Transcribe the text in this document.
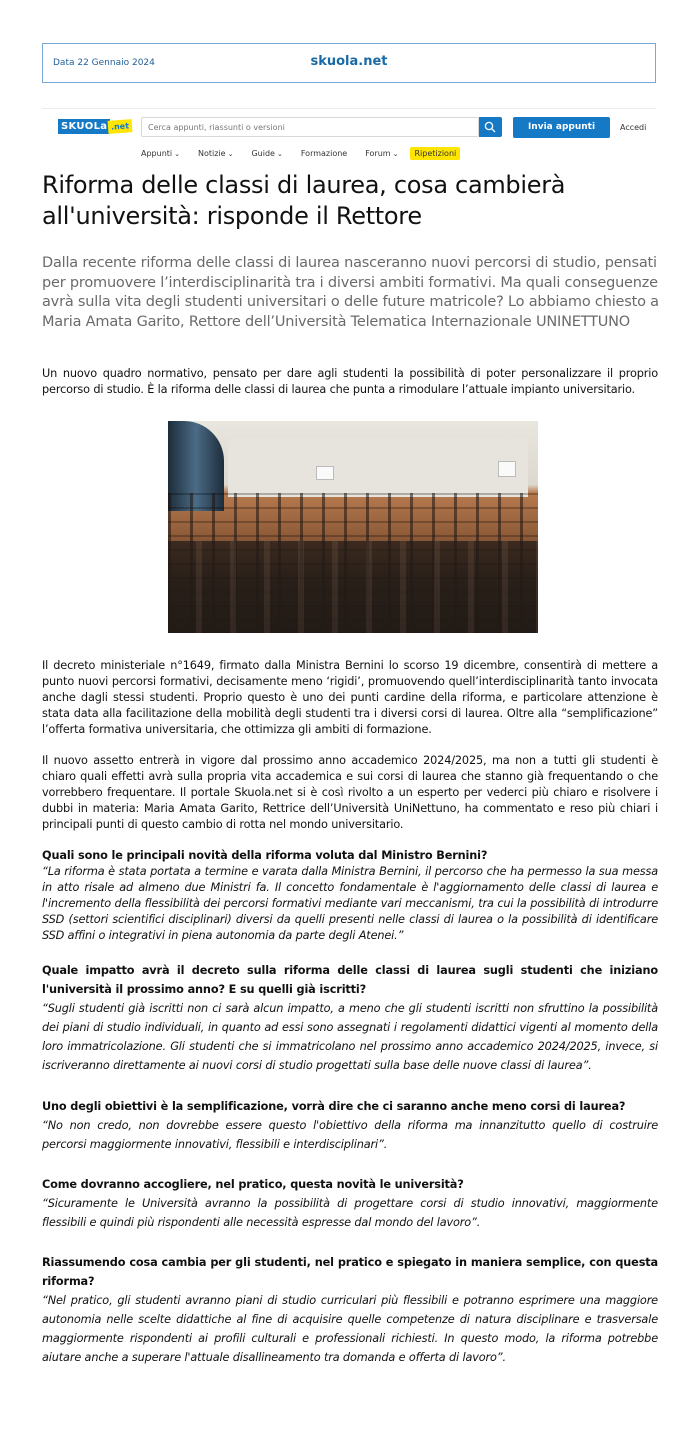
Data 22 Gennaio 2024	skuola.net
SKUOLa .net	Cerca appunti, riassunti o versioni	Invia appunti	Accedi
Appunti ⌄ Notizie ⌄ Guide ⌄ Formazione Forum ⌄	Ripetizioni
Riforma delle classi di laurea, cosa cambierà all'università: risponde il Rettore

Dalla recente riforma delle classi di laurea nasceranno nuovi percorsi di studio, pensati per promuovere l’interdisciplinarità tra i diversi ambiti formativi. Ma quali conseguenze avrà sulla vita degli studenti universitari o delle future matricole? Lo abbiamo chiesto a Maria Amata Garito, Rettore dell’Università Telematica Internazionale UNINETTUNO

Un nuovo quadro normativo, pensato per dare agli studenti la possibilità di poter personalizzare il proprio percorso di studio. È la riforma delle classi di laurea che punta a rimodulare l’attuale impianto universitario.

Il decreto ministeriale n°1649, firmato dalla Ministra Bernini lo scorso 19 dicembre, consentirà di mettere a punto nuovi percorsi formativi, decisamente meno ‘rigidi’, promuovendo quell’interdisciplinarità tanto invocata anche dagli stessi studenti. Proprio questo è uno dei punti cardine della riforma, e particolare attenzione è stata data alla facilitazione della mobilità degli studenti tra i diversi corsi di laurea. Oltre alla “semplificazione” l’offerta formativa universitaria, che ottimizza gli ambiti di formazione.

Il nuovo assetto entrerà in vigore dal prossimo anno accademico 2024/2025, ma non a tutti gli studenti è chiaro quali effetti avrà sulla propria vita accademica e sui corsi di laurea che stanno già frequentando o che vorrebbero frequentare. Il portale Skuola.net si è così rivolto a un esperto per vederci più chiaro e risolvere i dubbi in materia: Maria Amata Garito, Rettrice dell’Università UniNettuno, ha commentato e reso più chiari i principali punti di questo cambio di rotta nel mondo universitario.

Quali sono le principali novità della riforma voluta dal Ministro Bernini?

“La riforma è stata portata a termine e varata dalla Ministra Bernini, il percorso che ha permesso la sua messa in atto risale ad almeno due Ministri fa. Il concetto fondamentale è l'aggiornamento delle classi di laurea e l'incremento della flessibilità dei percorsi formativi mediante vari meccanismi, tra cui la possibilità di introdurre SSD (settori scientifici disciplinari) diversi da quelli presenti nelle classi di laurea o la possibilità di identificare SSD affini o integrativi in piena autonomia da parte degli Atenei.”

Quale impatto avrà il decreto sulla riforma delle classi di laurea sugli studenti che iniziano l'università il prossimo anno? E su quelli già iscritti?

“Sugli studenti già iscritti non ci sarà alcun impatto, a meno che gli studenti iscritti non sfruttino la possibilità dei piani di studio individuali, in quanto ad essi sono assegnati i regolamenti didattici vigenti al momento della loro immatricolazione. Gli studenti che si immatricolano nel prossimo anno accademico 2024/2025, invece, si iscriveranno direttamente ai nuovi corsi di studio progettati sulla base delle nuove classi di laurea”.

Uno degli obiettivi è la semplificazione, vorrà dire che ci saranno anche meno corsi di laurea?

“No non credo, non dovrebbe essere questo l'obiettivo della riforma ma innanzitutto quello di costruire percorsi maggiormente innovativi, flessibili e interdisciplinari”.

Come dovranno accogliere, nel pratico, questa novità le università?

“Sicuramente le Università avranno la possibilità di progettare corsi di studio innovativi, maggiormente flessibili e quindi più rispondenti alle necessità espresse dal mondo del lavoro”.

Riassumendo cosa cambia per gli studenti, nel pratico e spiegato in maniera semplice, con questa riforma?

“Nel pratico, gli studenti avranno piani di studio curriculari più flessibili e potranno esprimere una maggiore autonomia nelle scelte didattiche al fine di acquisire quelle competenze di natura disciplinare e trasversale maggiormente rispondenti ai profili culturali e professionali richiesti. In questo modo, la riforma potrebbe aiutare anche a superare l'attuale disallineamento tra domanda e offerta di lavoro”.
